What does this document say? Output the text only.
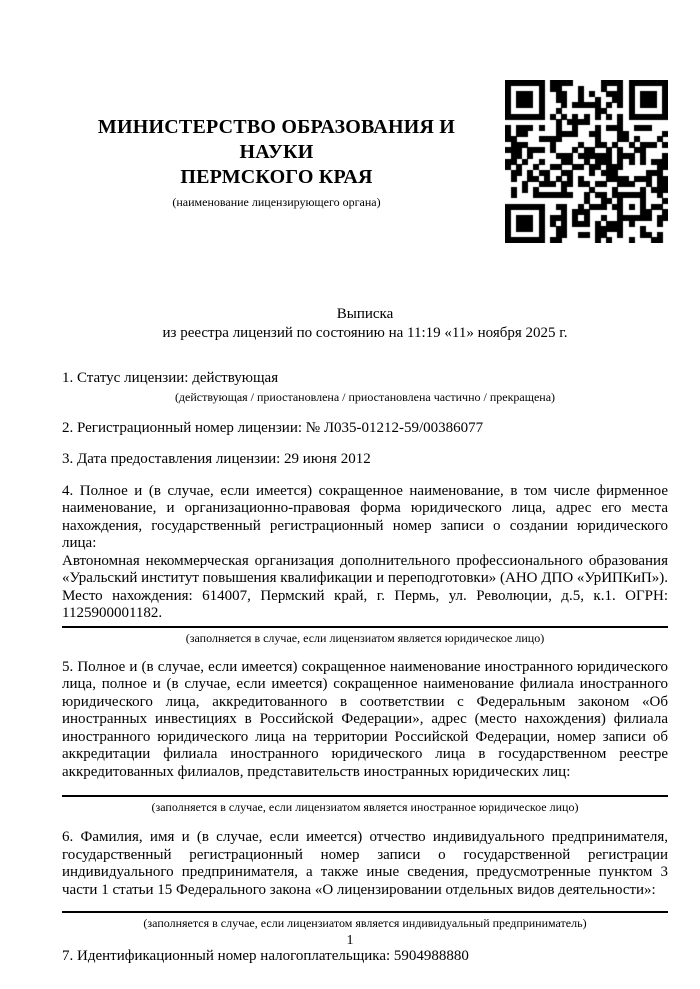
МИНИСТЕРСТВО ОБРАЗОВАНИЯ И НАУКИ
ПЕРМСКОГО КРАЯ
(наименование лицензирующего органа)
Выписка
из реестра лицензий по состоянию на 11:19 «11» ноября 2025 г.
1. Статус лицензии: действующая
(действующая / приостановлена / приостановлена частично / прекращена)
2. Регистрационный номер лицензии: № Л035-01212-59/00386077
3. Дата предоставления лицензии: 29 июня 2012

4. Полное и (в случае, если имеется) сокращенное наименование, в том числе фирменное наименование, и организационно-правовая форма юридического лица, адрес его места нахождения, государственный регистрационный номер записи о создании юридического лица:

Автономная некоммерческая организация дополнительного профессионального образования «Уральский институт повышения квалификации и переподготовки» (АНО ДПО «УрИПКиП»). Место нахождения: 614007, Пермский край, г. Пермь, ул. Революции, д.5, к.1. ОГРН: 1125900001182.

(заполняется в случае, если лицензиатом является юридическое лицо)
5. Полное и (в случае, если имеется) сокращенное наименование иностранного юридического лица, полное и (в случае, если имеется) сокращенное наименование филиала иностранного юридического лица, аккредитованного в соответствии с Федеральным законом «Об иностранных инвестициях в Российской Федерации», адрес (место нахождения) филиала иностранного юридического лица на территории Российской Федерации, номер записи об аккредитации филиала иностранного юридического лица в государственном реестре аккредитованных филиалов, представительств иностранных юридических лиц:
(заполняется в случае, если лицензиатом является иностранное юридическое лицо)
6. Фамилия, имя и (в случае, если имеется) отчество индивидуального предпринимателя, государственный регистрационный номер записи о государственной регистрации индивидуального предпринимателя, а также иные сведения, предусмотренные пунктом 3 части 1 статьи 15 Федерального закона «О лицензировании отдельных видов деятельности»:
(заполняется в случае, если лицензиатом является индивидуальный предприниматель)
7. Идентификационный номер налогоплательщика: 5904988880
1
